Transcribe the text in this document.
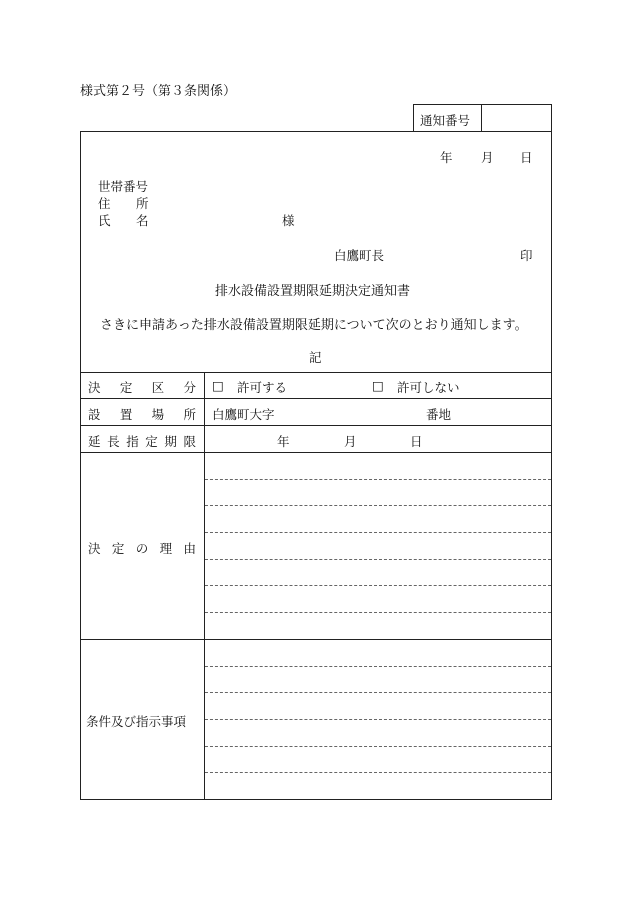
様式第２号（第３条関係）
通知番号
年 月 日
世帯番号
住 所
氏 名	様
白鷹町長	印
排水設備設置期限延期決定通知書
さきに申請あった排水設備設置期限延期について次のとおり通知します。
記
決 定 区 分 □ 許可する	□ 許可しない
設 置 場 所 白鷹町大字	番地
延 長 指 定 期 限	年	月	日
決 定 の 理 由
条件及び指示事項
